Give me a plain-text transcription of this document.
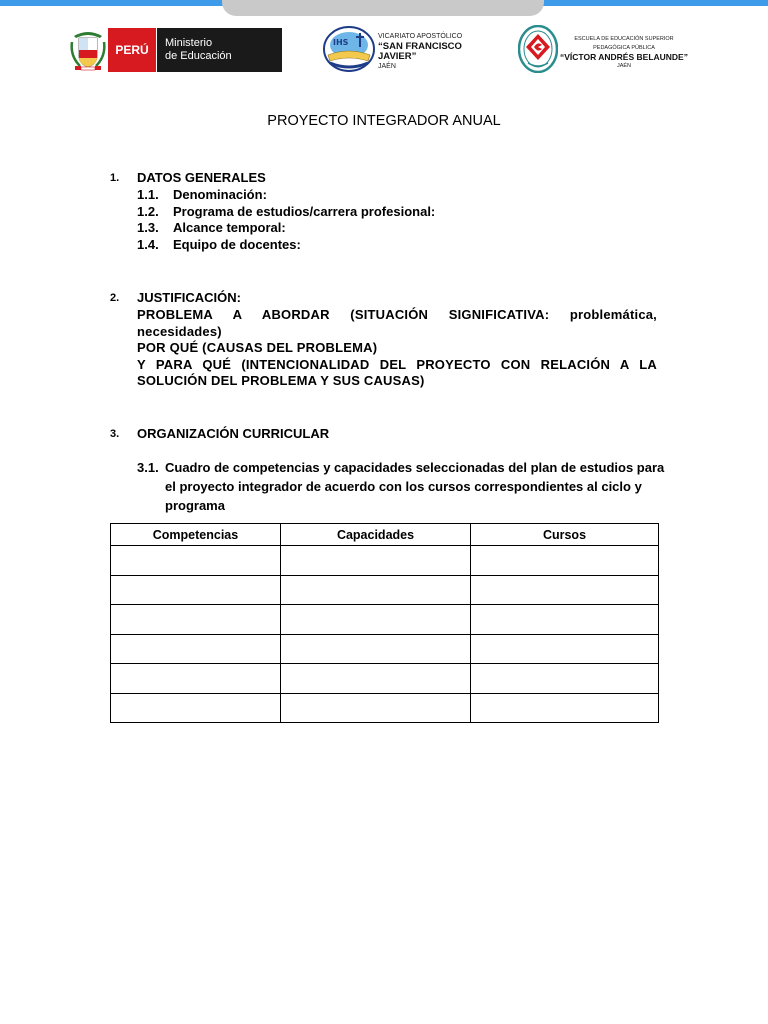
PERÚ	Ministerio
de Educación
IHS
VICARIATO APOSTÓLICO
“SAN FRANCISCO JAVIER”
JAÉN
ESCUELA DE EDUCACIÓN SUPERIOR PEDAGÓGICA PÚBLICA
“VÍCTOR ANDRÉS BELAUNDE”
JAÉN
PROYECTO INTEGRADOR ANUAL
1. DATOS GENERALES
1.1. Denominación:
1.2. Programa de estudios/carrera profesional:
1.3. Alcance temporal:
1.4. Equipo de docentes:
2. JUSTIFICACIÓN:

PROBLEMA A ABORDAR (SITUACIÓN SIGNIFICATIVA: problemática, necesidades)

POR QUÉ (CAUSAS DEL PROBLEMA)

Y PARA QUÉ (INTENCIONALIDAD DEL PROYECTO CON RELACIÓN A LA SOLUCIÓN DEL PROBLEMA Y SUS CAUSAS)

3. ORGANIZACIÓN CURRICULAR
3.1. Cuadro de competencias y capacidades seleccionadas del plan de estudios para el proyecto integrador de acuerdo con los cursos correspondientes al ciclo y programa
Competencias	Capacidades	Cursos
